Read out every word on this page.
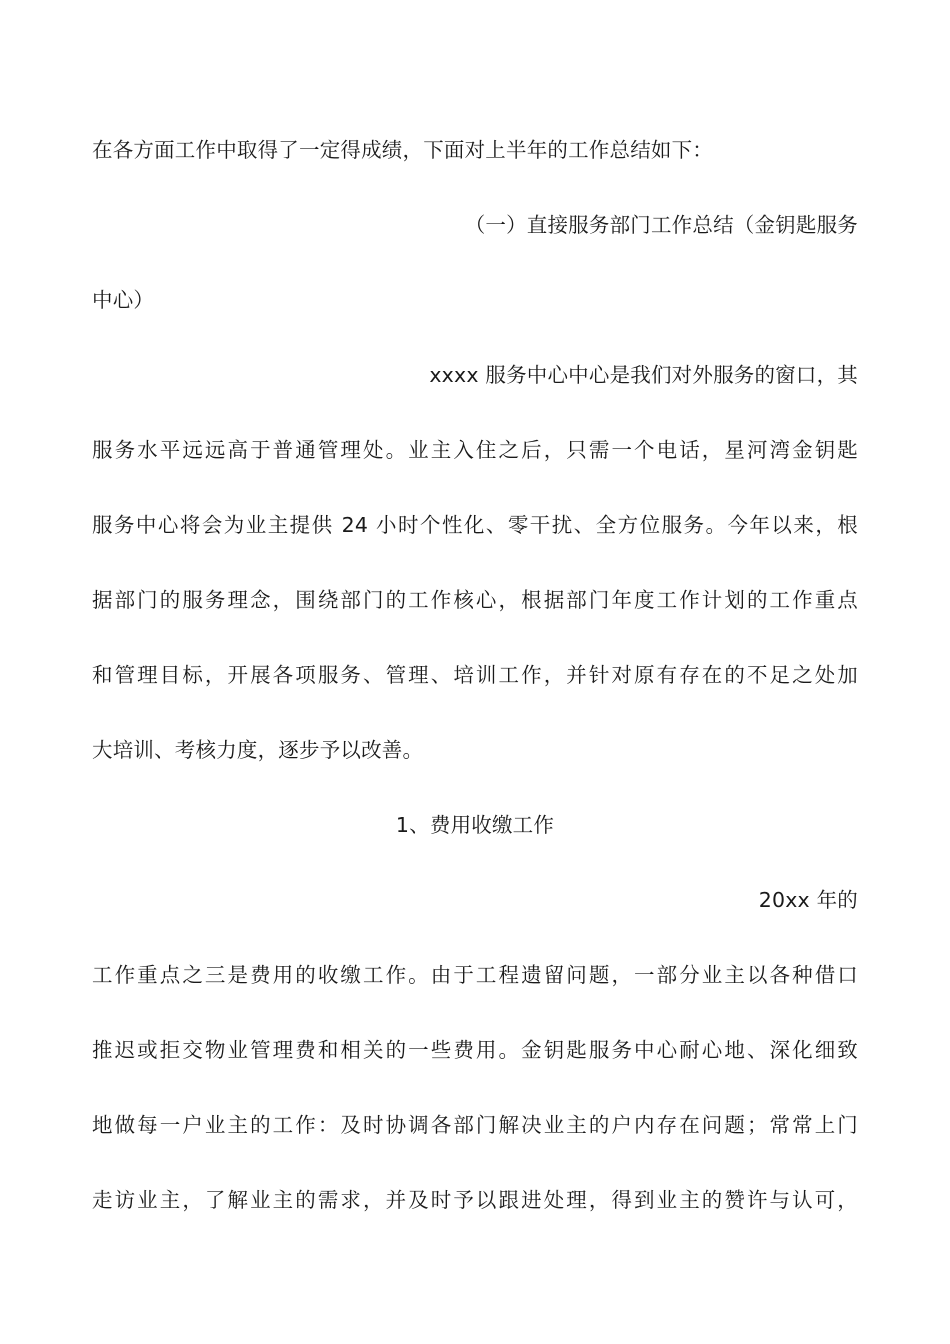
在各方面工作中取得了一定得成绩，下面对上半年的工作总结如下：
（一）直接服务部门工作总结（金钥匙服务
中心）
xxxx 服务中心中心是我们对外服务的窗口，其
服务水平远远高于普通管理处。业主入住之后，只需一个电话，星河湾金钥匙
服务中心将会为业主提供 24 小时个性化、零干扰、全方位服务。今年以来，根
据部门的服务理念，围绕部门的工作核心，根据部门年度工作计划的工作重点
和管理目标，开展各项服务、管理、培训工作，并针对原有存在的不足之处加
大培训、考核力度，逐步予以改善。
1、费用收缴工作
20xx 年的
工作重点之三是费用的收缴工作。由于工程遗留问题，一部分业主以各种借口
推迟或拒交物业管理费和相关的一些费用。金钥匙服务中心耐心地、深化细致
地做每一户业主的工作：及时协调各部门解决业主的户内存在问题；常常上门
走访业主，了解业主的需求，并及时予以跟进处理，得到业主的赞许与认可，
